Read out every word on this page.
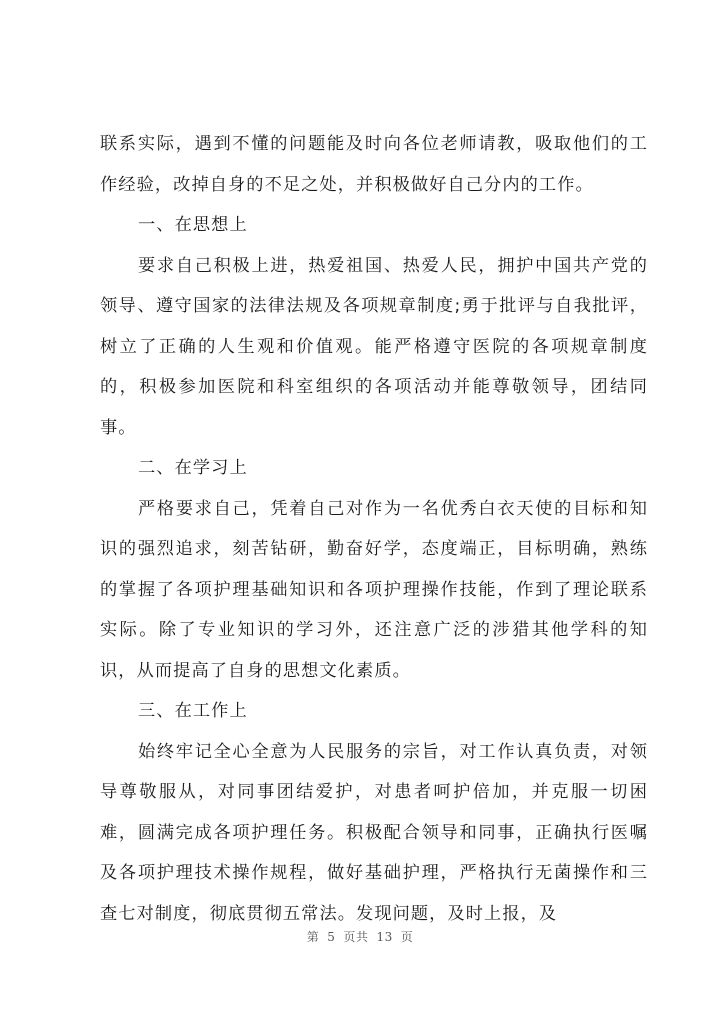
联系实际，遇到不懂的问题能及时向各位老师请教，吸取他们的工作经验，改掉自身的不足之处，并积极做好自己分内的工作。

一、在思想上

要求自己积极上进，热爱祖国、热爱人民，拥护中国共产党的领导、遵守国家的法律法规及各项规章制度;勇于批评与自我批评，树立了正确的人生观和价值观。能严格遵守医院的各项规章制度的，积极参加医院和科室组织的各项活动并能尊敬领导，团结同事。

二、在学习上

严格要求自己，凭着自己对作为一名优秀白衣天使的目标和知识的强烈追求，刻苦钻研，勤奋好学，态度端正，目标明确，熟练的掌握了各项护理基础知识和各项护理操作技能，作到了理论联系实际。除了专业知识的学习外，还注意广泛的涉猎其他学科的知识，从而提高了自身的思想文化素质。

三、在工作上

始终牢记全心全意为人民服务的宗旨，对工作认真负责，对领导尊敬服从，对同事团结爱护，对患者呵护倍加，并克服一切困难，圆满完成各项护理任务。积极配合领导和同事，正确执行医嘱及各项护理技术操作规程，做好基础护理，严格执行无菌操作和三查七对制度，彻底贯彻五常法。发现问题，及时上报，及

第 5 页共 13 页
